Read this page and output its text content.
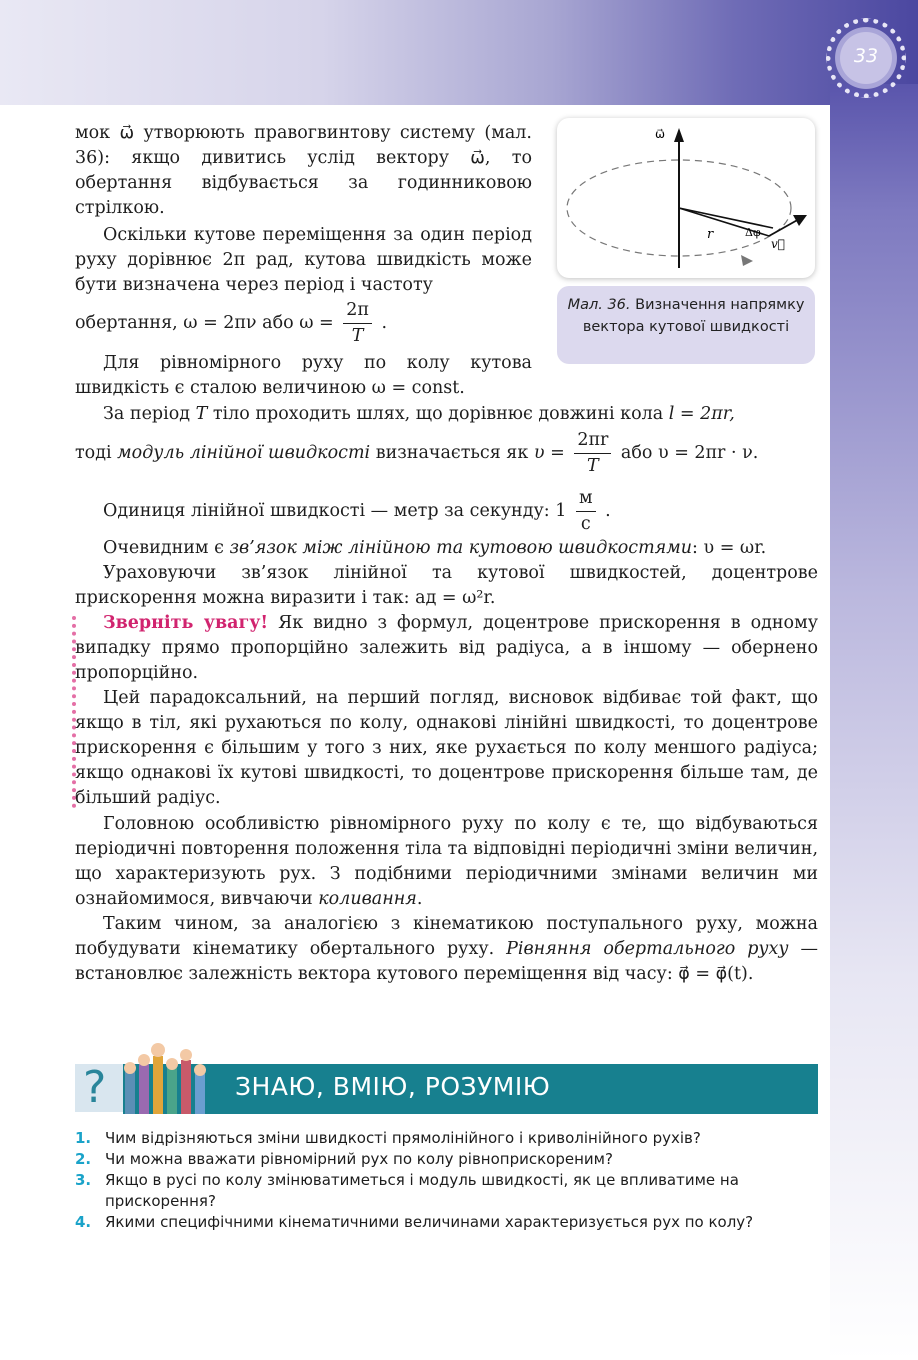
33
ω⃗
r	Δφ
v⃗
Мал. 36. Визначення напрямку вектора кутової швидкості

мок ω⃗ утворюють правогвинтову систему (мал. 36): якщо дивитись услід вектору ω⃗, то обертання відбувається за годинниковою стрілкою.

Оскільки кутове переміщення за один період руху дорівнює 2π рад, кутова швидкість може бути визначена через період і частоту

обертання, ω = 2πν або $\omega = \frac{2\pi}{T}$ .

Для рівномірного руху по колу кутова швидкість є сталою величиною ω = const.

За період T тіло проходить шлях, що дорівнює довжині кола l = 2πr,
тоді модуль лінійної швидкості визначається як $\upsilon = \frac{2\pi r}{T}$ або υ = 2πr · ν.
Одиниця лінійної швидкості — метр за секунду: $1 \frac{м}{с}$ .
Очевидним є зв’язок між лінійною та кутовою швидкостями: υ = ωr.

Ураховуючи зв’язок лінійної та кутової швидкостей, доцентрове прискорення можна виразити і так: aд = ω²r.

Зверніть увагу! Як видно з формул, доцентрове прискорення в одному випадку прямо пропорційно залежить від радіуса, а в іншому — обернено пропорційно.

Цей парадоксальний, на перший погляд, висновок відбиває той факт, що якщо в тіл, які рухаються по колу, однакові лінійні швидкості, то доцентрове прискорення є більшим у того з них, яке рухається по колу меншого радіуса; якщо однакові їх кутові швидкості, то доцентрове прискорення більше там, де більший радіус.

Головною особливістю рівномірного руху по колу є те, що відбуваються періодичні повторення положення тіла та відповідні періодичні зміни величин, що характеризують рух. З подібними періодичними змінами величин ми ознайомимося, вивчаючи коливання.

Таким чином, за аналогією з кінематикою поступального руху, можна побудувати кінематику обертального руху. Рівняння обертального руху — встановлює залежність вектора кутового переміщення від часу: φ⃗ = φ⃗(t).

?	ЗНАЮ, ВМІЮ, РОЗУМІЮ
1. Чим відрізняються зміни швидкості прямолінійного і криволінійного рухів?
2. Чи можна вважати рівномірний рух по колу рівноприскореним?
3. Якщо в русі по колу змінюватиметься і модуль швидкості, як це впливатиме на прискорення?
4. Якими специфічними кінематичними величинами характеризується рух по колу?
